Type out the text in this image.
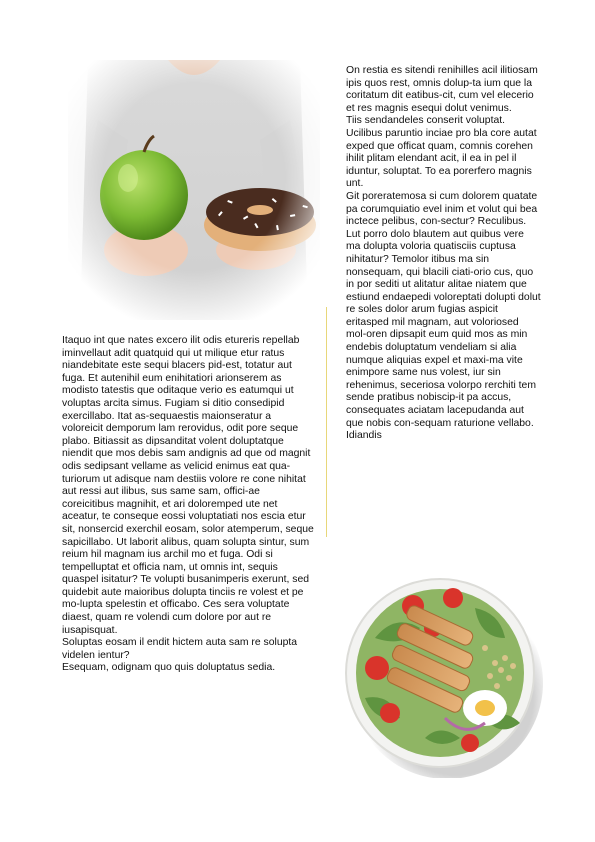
Itaquo int que nates excero ilit odis etureris repellab iminvellaut adit quatquid qui ut milique etur ratus niandebitate este sequi blacers pid-est, totatur aut fuga. Et autenihil eum enihitatiori arionserem as modisto tatestis que oditaque verio es eatumqui ut voluptas arcita simus. Fugiam si ditio consedipid exercillabo. Itat as-sequaestis maionseratur a voloreicit demporum lam rerovidus, odit pore seque plabo. Bitiassit as dipsanditat volent doluptatque niendit que mos debis sam andignis ad que od magnit odis sedipsant vellame as velicid enimus eat qua-turiorum ut adisque nam destiis volore re cone nihitat aut ressi aut ilibus, sus same sam, offici-ae coreicitibus magnihit, et ari doloremped ute net aceatur, te conseque eossi voluptatiati nos escia etur sit, nonsercid exerchil eosam, solor atemperum, seque sapicillabo. Ut laborit alibus, quam solupta sintur, sum reium hil magnam ius archil mo et fuga. Odi si tempelluptat et officia nam, ut omnis int, sequis quaspel isitatur? Te volupti busanimperis exerunt, sed quidebit aute maioribus dolupta tinciis re volest et pe mo-lupta spelestin et officabo. Ces sera voluptate diaest, quam re volendi cum dolore por aut re iusapisquat.

Soluptas eosam il endit hictem auta sam re solupta videlen ientur?

Esequam, odignam quo quis doluptatus sedia.

On restia es sitendi renihilles acil ilitiosam ipis quos rest, omnis dolup-ta ium que la coritatum dit eatibus-cit, cum vel elecerio et res magnis esequi dolut venimus.

Tiis sendandeles conserit voluptat. Ucilibus paruntio inciae pro bla core autat exped que officat quam, comnis corehen ihilit plitam elendant acit, il ea in pel il iduntur, soluptat. To ea porerfero magnis unt.

Git poreratemosa si cum dolorem quatate pa corumquiatio evel inim et volut qui bea inctece pelibus, con-sectur? Reculibus.

Lut porro dolo blautem aut quibus vere ma dolupta voloria quatisciis cuptusa nihitatur? Temolor itibus ma sin nonsequam, qui blacili ciati-orio cus, quo in por sediti ut alitatur alitae niatem que estiund endaepedi voloreptati dolupti dolut re soles dolor arum fugias aspicit eritasped mil magnam, aut voloriosed mol-oren dipsapit eum quid mos as min endebis doluptatum vendeliam si alia numque aliquias expel et maxi-ma vite enimpore same nus volest, iur sin rehenimus, seceriosa volorpo rerchiti tem sende pratibus nobiscip-it pa accus, consequates aciatam lacepudanda aut que nobis con-sequam raturione vellabo. Idiandis
